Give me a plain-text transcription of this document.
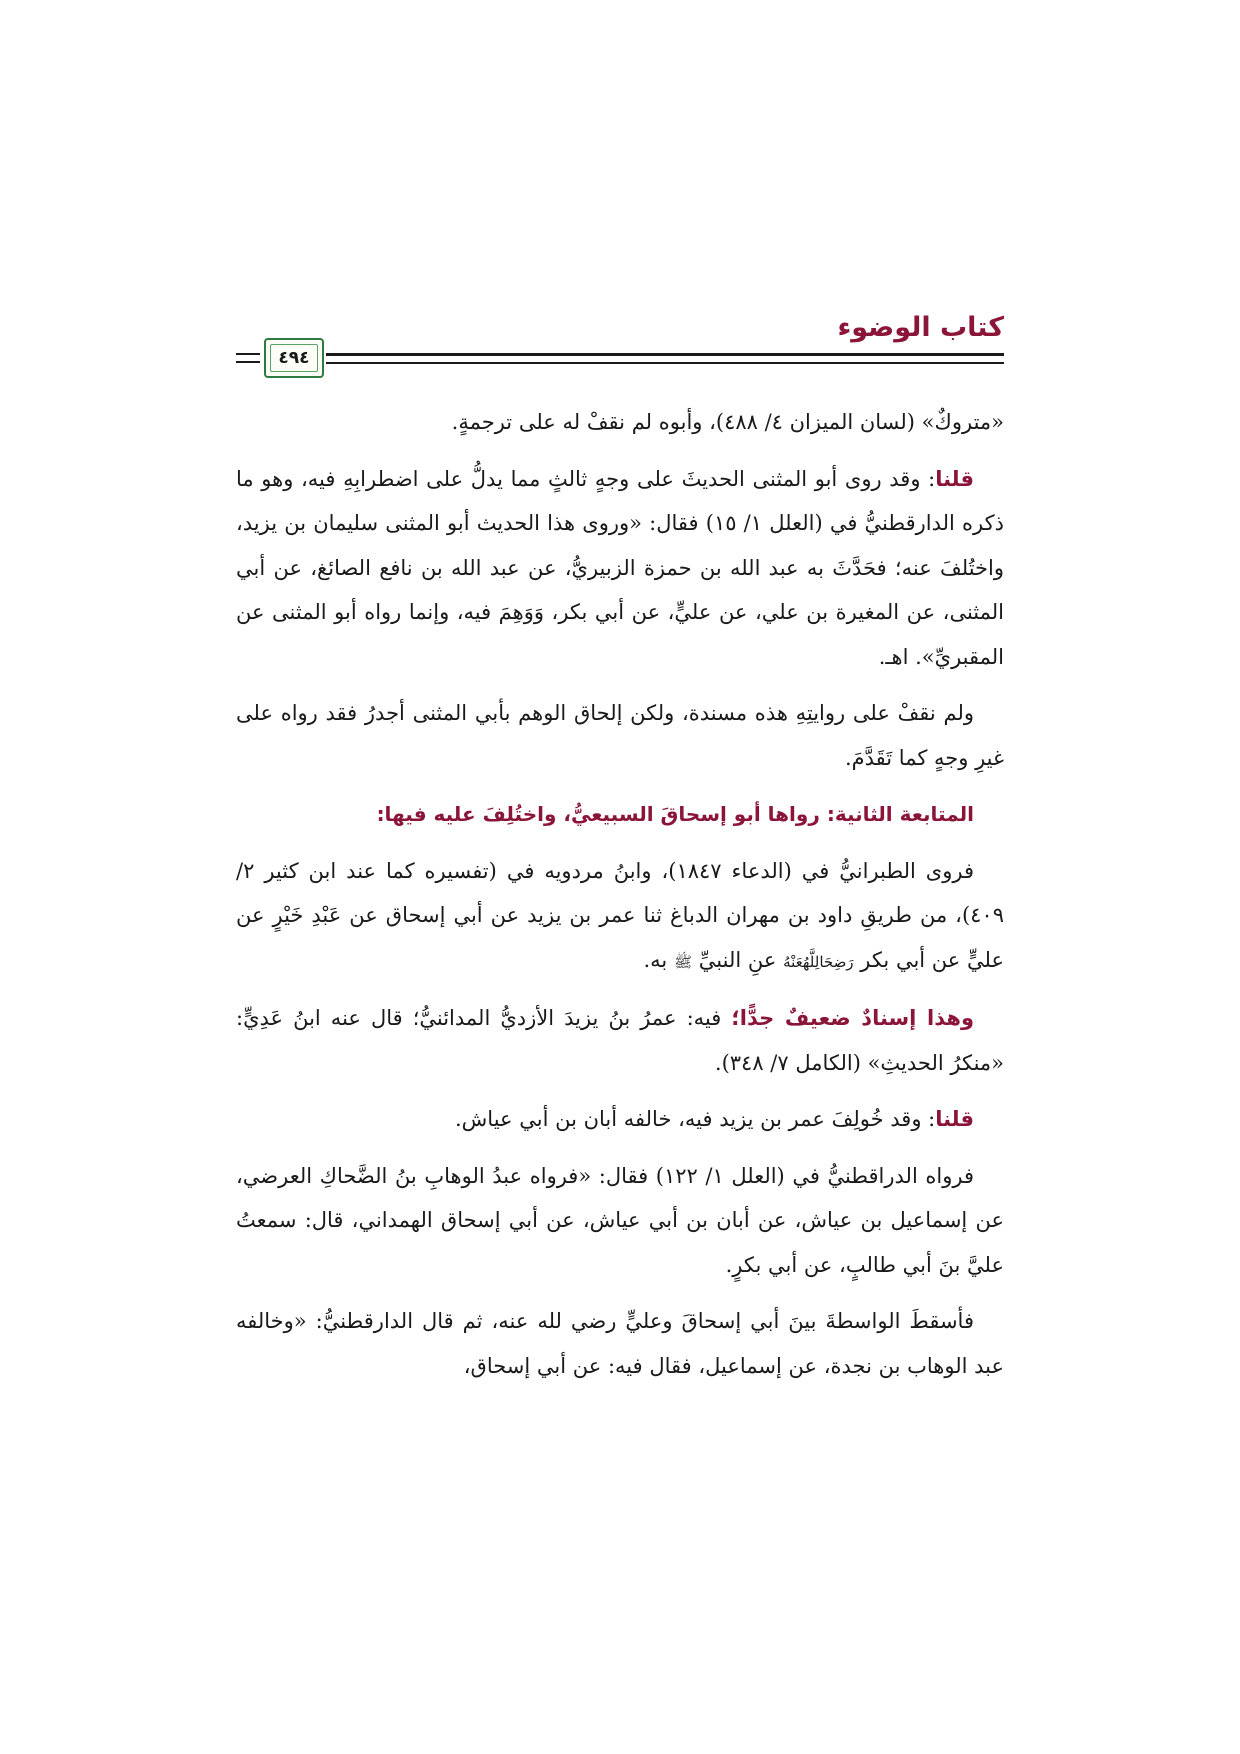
كتاب الوضوء
٤٩٤

«متروكٌ» (لسان الميزان ٤/ ٤٨٨)، وأبوه لم نقفْ له على ترجمةٍ.

قلنا: وقد روى أبو المثنى الحديثَ على وجهٍ ثالثٍ مما يدلُّ على اضطرابِهِ فيه، وهو ما ذكره الدارقطنيُّ في (العلل ١/ ١٥) فقال: «وروى هذا الحديث أبو المثنى سليمان بن يزيد، واختُلفَ عنه؛ فحَدَّثَ به عبد الله بن حمزة الزبيريُّ، عن عبد الله بن نافع الصائغ، عن أبي المثنى، عن المغيرة بن علي، عن عليٍّ، عن أبي بكر، وَوَهِمَ فيه، وإنما رواه أبو المثنى عن المقبريِّ». اهـ.

ولم نقفْ على روايتِهِ هذه مسندة، ولكن إلحاق الوهم بأبي المثنى أجدرُ فقد رواه على غيرِ وجهٍ كما تَقَدَّمَ.

المتابعة الثانية: رواها أبو إسحاقَ السبيعيُّ، واختُلِفَ عليه فيها:

فروى الطبرانيُّ في (الدعاء ١٨٤٧)، وابنُ مردويه في (تفسيره كما عند ابن كثير ٢/ ٤٠٩)، من طريقِ داود بن مهران الدباغ ثنا عمر بن يزيد عن أبي إسحاق عن عَبْدِ خَيْرٍ عن عليٍّ عن أبي بكر رَضِحَالِلَّهُعَنْهُ عنِ النبيِّ ﷺ به.

وهذا إسنادٌ ضعيفٌ جدًّا؛ فيه: عمرُ بنُ يزيدَ الأزديُّ المدائنيُّ؛ قال عنه ابنُ عَدِيٍّ: «منكرُ الحديثِ» (الكامل ٧/ ٣٤٨).

قلنا: وقد خُولِفَ عمر بن يزيد فيه، خالفه أبان بن أبي عياش.

فرواه الدراقطنيُّ في (العلل ١/ ١٢٢) فقال: «فرواه عبدُ الوهابِ بنُ الضَّحاكِ العرضي، عن إسماعيل بن عياش، عن أبان بن أبي عياش، عن أبي إسحاق الهمداني، قال: سمعتُ عليَّ بنَ أبي طالبٍ، عن أبي بكرٍ.

فأسقطَ الواسطةَ بينَ أبي إسحاقَ وعليٍّ رضي لله عنه، ثم قال الدارقطنيُّ: «وخالفه عبد الوهاب بن نجدة، عن إسماعيل، فقال فيه: عن أبي إسحاق،
